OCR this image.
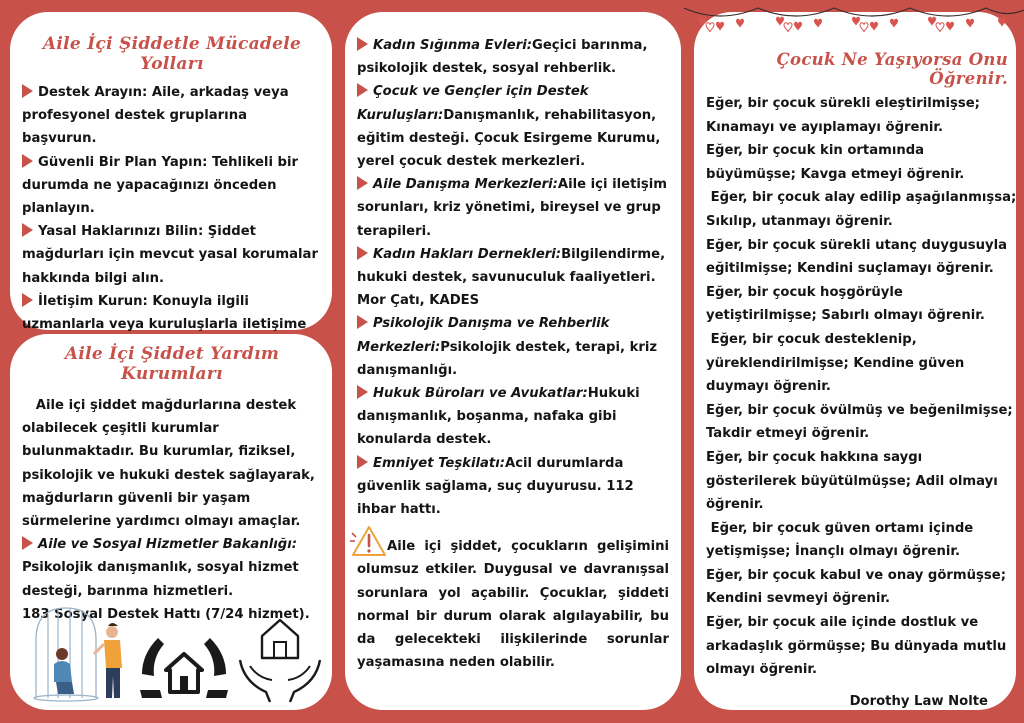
Aile İçi Şiddetle Mücadele Yolları

Destek Arayın: Aile, arkadaş veya profesyonel destek gruplarına başvurun.

Güvenli Bir Plan Yapın: Tehlikeli bir durumda ne yapacağınızı önceden planlayın.

Yasal Haklarınızı Bilin: Şiddet mağdurları için mevcut yasal korumalar hakkında bilgi alın.

İletişim Kurun: Konuyla ilgili uzmanlarla veya kuruluşlarla iletişime

Aile İçi Şiddet Yardım Kurumları

Aile içi şiddet mağdurlarına destek olabilecek çeşitli kurumlar bulunmaktadır. Bu kurumlar, fiziksel, psikolojik ve hukuki destek sağlayarak, mağdurların güvenli bir yaşam sürmelerine yardımcı olmayı amaçlar.

Aile ve Sosyal Hizmetler Bakanlığı:

Psikolojik danışmanlık, sosyal hizmet desteği, barınma hizmetleri.

183 Sosyal Destek Hattı (7/24 hizmet).

Kadın Sığınma Evleri:Geçici barınma, psikolojik destek, sosyal rehberlik.

Çocuk ve Gençler için Destek Kuruluşları:Danışmanlık, rehabilitasyon, eğitim desteği. Çocuk Esirgeme Kurumu, yerel çocuk destek merkezleri.

Aile Danışma Merkezleri:Aile içi iletişim sorunları, kriz yönetimi, bireysel ve grup terapileri.

Kadın Hakları Dernekleri:Bilgilendirme, hukuki destek, savunuculuk faaliyetleri. Mor Çatı, KADES

Psikolojik Danışma ve Rehberlik Merkezleri:Psikolojik destek, terapi, kriz danışmanlığı.

Hukuk Büroları ve Avukatlar:Hukuki danışmanlık, boşanma, nafaka gibi konularda destek.

Emniyet Teşkilatı:Acil durumlarda güvenlik sağlama, suç duyurusu. 112 ihbar hattı.

Aile içi şiddet, çocukların gelişimini olumsuz etkiler. Duygusal ve davranışsal sorunlara yol açabilir. Çocuklar, şiddeti normal bir durum olarak algılayabilir, bu da gelecekteki ilişkilerinde sorunlar yaşamasına neden olabilir.

Çocuk Ne Yaşıyorsa Onu Öğrenir.

Eğer, bir çocuk sürekli eleştirilmişse;

Kınamayı ve ayıplamayı öğrenir.

Eğer, bir çocuk kin ortamında

büyümüşse; Kavga etmeyi öğrenir.

Eğer, bir çocuk alay edilip aşağılanmışsa;

Sıkılıp, utanmayı öğrenir.

Eğer, bir çocuk sürekli utanç duygusuyla

eğitilmişse; Kendini suçlamayı öğrenir.

Eğer, bir çocuk hoşgörüyle

yetiştirilmişse; Sabırlı olmayı öğrenir.

Eğer, bir çocuk desteklenip,

yüreklendirilmişse; Kendine güven

duymayı öğrenir.

Eğer, bir çocuk övülmüş ve beğenilmişse;

Takdir etmeyi öğrenir.

Eğer, bir çocuk hakkına saygı

gösterilerek büyütülmüşse; Adil olmayı

öğrenir.

Eğer, bir çocuk güven ortamı içinde

yetişmişse; İnançlı olmayı öğrenir.

Eğer, bir çocuk kabul ve onay görmüşse;

Kendini sevmeyi öğrenir.

Eğer, bir çocuk aile içinde dostluk ve

arkadaşlık görmüşse; Bu dünyada mutlu

olmayı öğrenir.

Dorothy Law Nolte
